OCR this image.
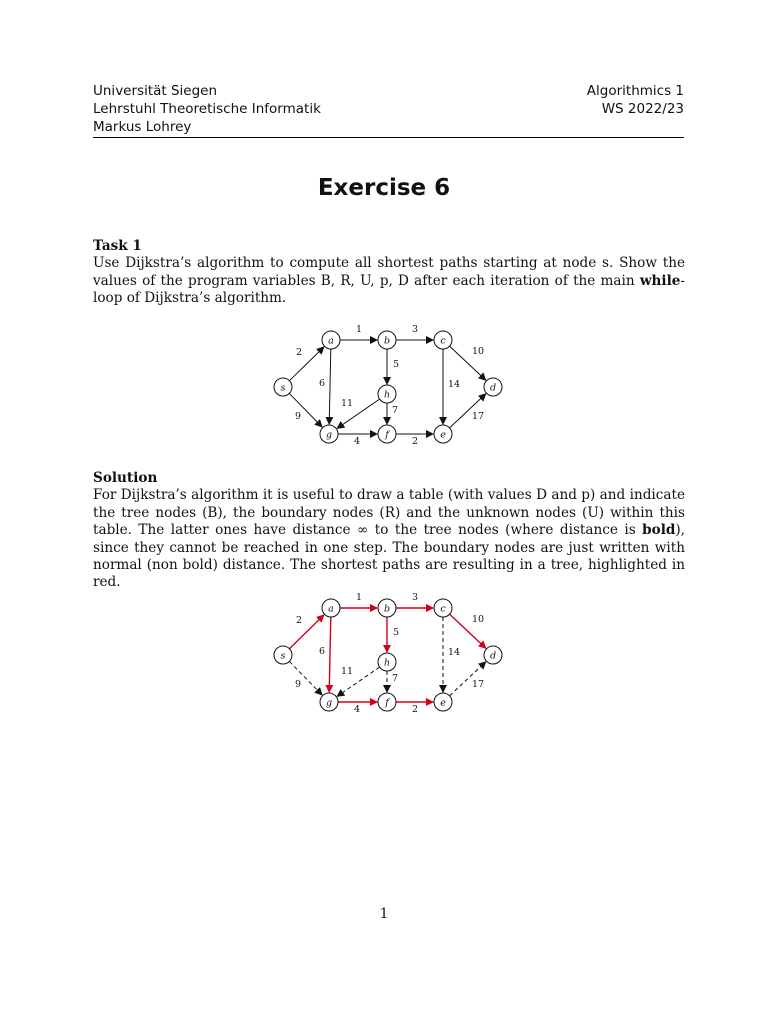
Universität Siegen
Lehrstuhl Theoretische Informatik
Markus Lohrey
Algorithmics 1
WS 2022/23
Exercise 6
Task 1
Use Dijkstra’s algorithm to compute all shortest paths starting at node s. Show the values of the program variables B, R, U, p, D after each iteration of the main while-loop of Dijkstra’s algorithm.
2
1	3
10
9
6
5
11
7
4	2
14
17
s
a	b	c
d
h
g	f	e
Solution
For Dijkstra’s algorithm it is useful to draw a table (with values D and p) and indicate the tree nodes (B), the boundary nodes (R) and the unknown nodes (U) within this table. The latter ones have distance ∞ to the tree nodes (where distance is bold), since they cannot be reached in one step. The boundary nodes are just written with normal (non bold) distance. The shortest paths are resulting in a tree, highlighted in red.
2
1	3
10
9
6
5
11
7
4	2
14
17
s
a	b	c
d
h
g	f	e
1
